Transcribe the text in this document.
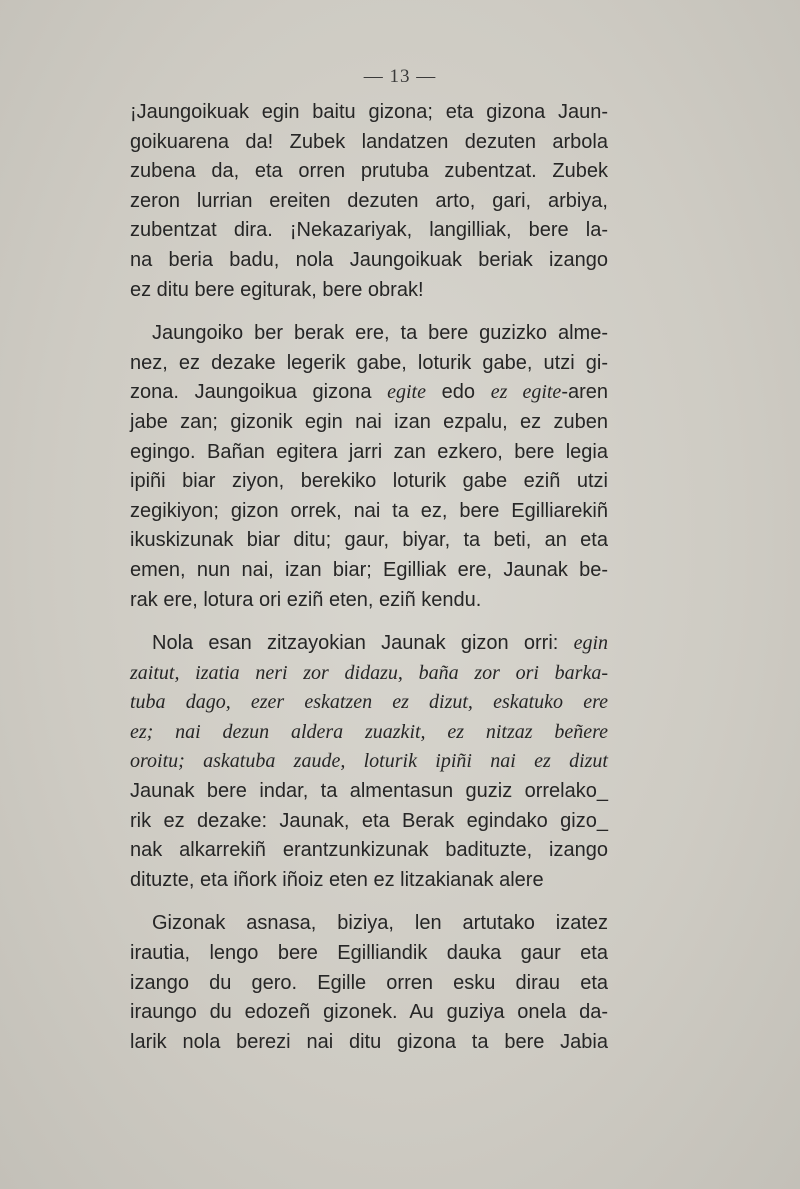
— 13 —
¡Jaungoikuak egin baitu gizona; eta gizona Jaun-
goikuarena da! Zubek landatzen dezuten arbola
zubena da, eta orren prutuba zubentzat. Zubek
zeron lurrian ereiten dezuten arto, gari, arbiya,
zubentzat dira. ¡Nekazariyak, langilliak, bere la-
na beria badu, nola Jaungoikuak beriak izango
ez ditu bere egiturak, bere obrak!
Jaungoiko ber berak ere, ta bere guzizko alme-
nez, ez dezake legerik gabe, loturik gabe, utzi gi-
zona. Jaungoikua gizona egite edo ez egite-aren
jabe zan; gizonik egin nai izan ezpalu, ez zuben
egingo. Bañan egitera jarri zan ezkero, bere legia
ipiñi biar ziyon, berekiko loturik gabe eziñ utzi
zegikiyon; gizon orrek, nai ta ez, bere Egilliarekiñ
ikuskizunak biar ditu; gaur, biyar, ta beti, an eta
emen, nun nai, izan biar; Egilliak ere, Jaunak be-
rak ere, lotura ori eziñ eten, eziñ kendu.
Nola esan zitzayokian Jaunak gizon orri: egin
zaitut, izatia neri zor didazu, baña zor ori barka-
tuba dago, ezer eskatzen ez dizut, eskatuko ere
ez; nai dezun aldera zuazkit, ez nitzaz beñere
oroitu; askatuba zaude, loturik ipiñi nai ez dizut
Jaunak bere indar, ta almentasun guziz orrelako_
rik ez dezake: Jaunak, eta Berak egindako gizo_
nak alkarrekiñ erantzunkizunak badituzte, izango
dituzte, eta iñork iñoiz eten ez litzakianak alere
Gizonak asnasa, biziya, len artutako izatez
irautia, lengo bere Egilliandik dauka gaur eta
izango du gero. Egille orren esku dirau eta
iraungo du edozeñ gizonek. Au guziya onela da-
larik nola berezi nai ditu gizona ta bere Jabia
